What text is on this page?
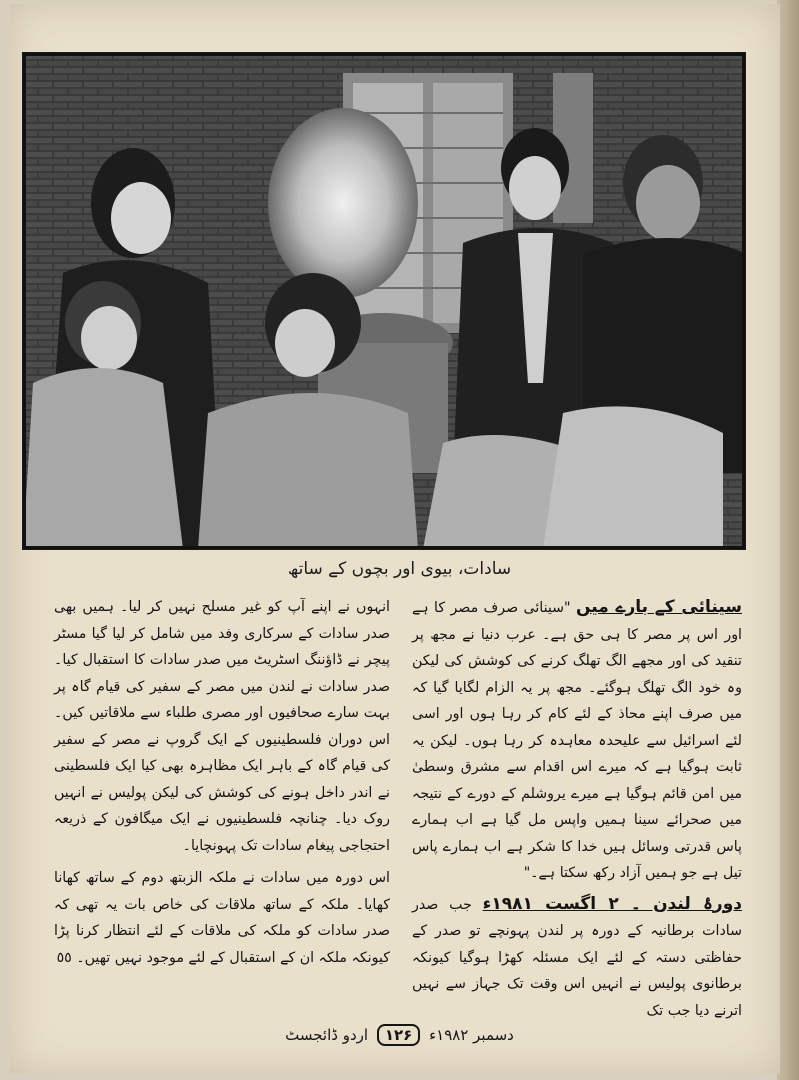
سادات، بیوی اور بچوں کے ساتھ

سینائی کے بارے میں "سینائی صرف مصر کا ہے اور اس پر مصر کا ہی حق ہے۔ عرب دنیا نے مجھ پر تنقید کی اور مجھے الگ تھلگ کرنے کی کوشش کی لیکن وہ خود الگ تھلگ ہوگئے۔ مجھ پر یہ الزام لگایا گیا کہ میں صرف اپنے محاذ کے لئے کام کر رہا ہوں اور اسی لئے اسرائیل سے علیحدہ معاہدہ کر رہا ہوں۔ لیکن یہ ثابت ہوگیا ہے کہ میرے اس اقدام سے مشرق وسطیٰ میں امن قائم ہوگیا ہے میرے یروشلم کے دورے کے نتیجہ میں صحرائے سینا ہمیں واپس مل گیا ہے اب ہمارے پاس قدرتی وسائل ہیں خدا کا شکر ہے اب ہمارے پاس تیل ہے جو ہمیں آزاد رکھ سکتا ہے۔"

دورۂ لندن ۔ ۲ اگست ۱۹۸۱ء جب صدر سادات برطانیہ کے دورہ پر لندن پہونچے تو صدر کے حفاظتی دستہ کے لئے ایک مسئلہ کھڑا ہوگیا کیونکہ برطانوی پولیس نے انہیں اس وقت تک جہاز سے نہیں اترنے دیا جب تک

انہوں نے اپنے آپ کو غیر مسلح نہیں کر لیا۔ ہمیں بھی صدر سادات کے سرکاری وفد میں شامل کر لیا گیا مسٹر پیچر نے ڈاؤننگ اسٹریٹ میں صدر سادات کا استقبال کیا۔ صدر سادات نے لندن میں مصر کے سفیر کی قیام گاہ پر بہت سارے صحافیوں اور مصری طلباء سے ملاقاتیں کیں۔ اس دوران فلسطینیوں کے ایک گروپ نے مصر کے سفیر کی قیام گاہ کے باہر ایک مظاہرہ بھی کیا ایک فلسطینی نے اندر داخل ہونے کی کوشش کی لیکن پولیس نے انہیں روک دیا۔ چنانچہ فلسطینیوں نے ایک میگافون کے ذریعہ احتجاجی پیغام سادات تک پہونچایا۔

اس دورہ میں سادات نے ملکہ الزبتھ دوم کے ساتھ کھانا کھایا۔ ملکہ کے ساتھ ملاقات کی خاص بات یہ تھی کہ صدر سادات کو ملکہ کی ملاقات کے لئے انتظار کرنا پڑا کیونکہ ملکہ ان کے استقبال کے لئے موجود نہیں تھیں۔ ٥٥

دسمبر ۱۹۸۲ء ۱۲۶ اردو ڈائجسٹ
